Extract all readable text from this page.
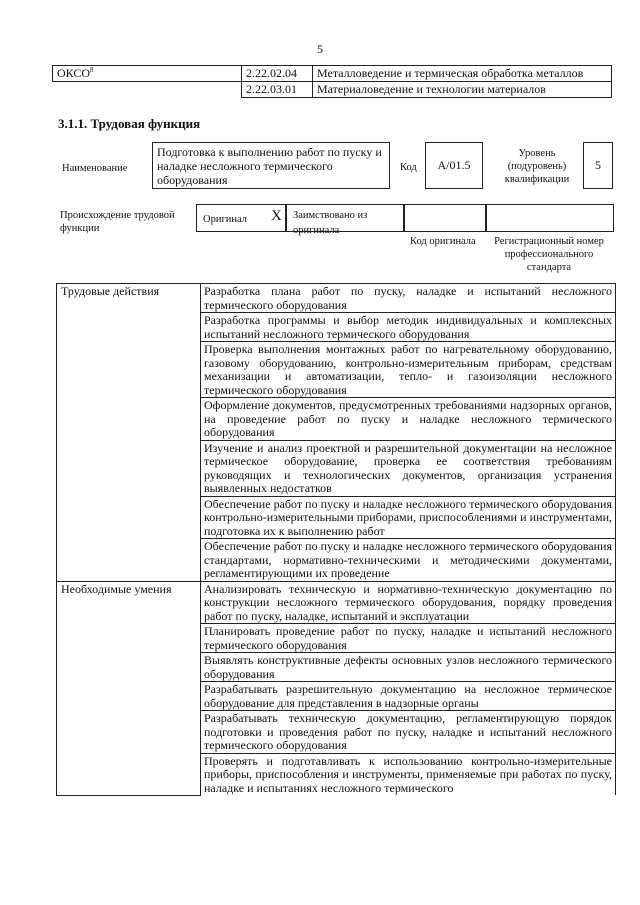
5
ОКСО$^8$	2.22.02.04	Металловедение и термическая обработка металлов
	2.22.03.01	Материаловедение и технологии материалов
3.1.1. Трудовая функция
Наименование
Подготовка к выполнению работ по пуску и наладке несложного термического оборудования
Код	А/01.5
Уровень (подуровень) квалификации
5
Происхождение трудовой функции
Оригинал X	Заимствовано из оригинала
Код оригинала	Регистрационный номер профессионального стандарта
Трудовые действия	Разработка плана работ по пуску, наладке и испытаний несложного термического оборудования
	Разработка программы и выбор методик индивидуальных и комплексных испытаний несложного термического оборудования
	Проверка выполнения монтажных работ по нагревательному оборудованию, газовому оборудованию, контрольно-измерительным приборам, средствам механизации и автоматизации, тепло- и газоизоляции несложного термического оборудования
	Оформление документов, предусмотренных требованиями надзорных органов, на проведение работ по пуску и наладке несложного термического оборудования
	Изучение и анализ проектной и разрешительной документации на несложное термическое оборудование, проверка ее соответствия требованиям руководящих и технологических документов, организация устранения выявленных недостатков
	Обеспечение работ по пуску и наладке несложного термического оборудования контрольно-измерительными приборами, приспособлениями и инструментами, подготовка их к выполнению работ
	Обеспечение работ по пуску и наладке несложного термического оборудования стандартами, нормативно-техническими и методическими документами, регламентирующими их проведение
Необходимые умения	Анализировать техническую и нормативно-техническую документацию по конструкции несложного термического оборудования, порядку проведения работ по пуску, наладке, испытаний и эксплуатации
	Планировать проведение работ по пуску, наладке и испытаний несложного термического оборудования
	Выявлять конструктивные дефекты основных узлов несложного термического оборудования
	Разрабатывать разрешительную документацию на несложное термическое оборудование для представления в надзорные органы
	Разрабатывать техническую документацию, регламентирующую порядок подготовки и проведения работ по пуску, наладке и испытаний несложного термического оборудования
	Проверять и подготавливать к использованию контрольно-измерительные приборы, приспособления и инструменты, применяемые при работах по пуску, наладке и испытаниях несложного термического
